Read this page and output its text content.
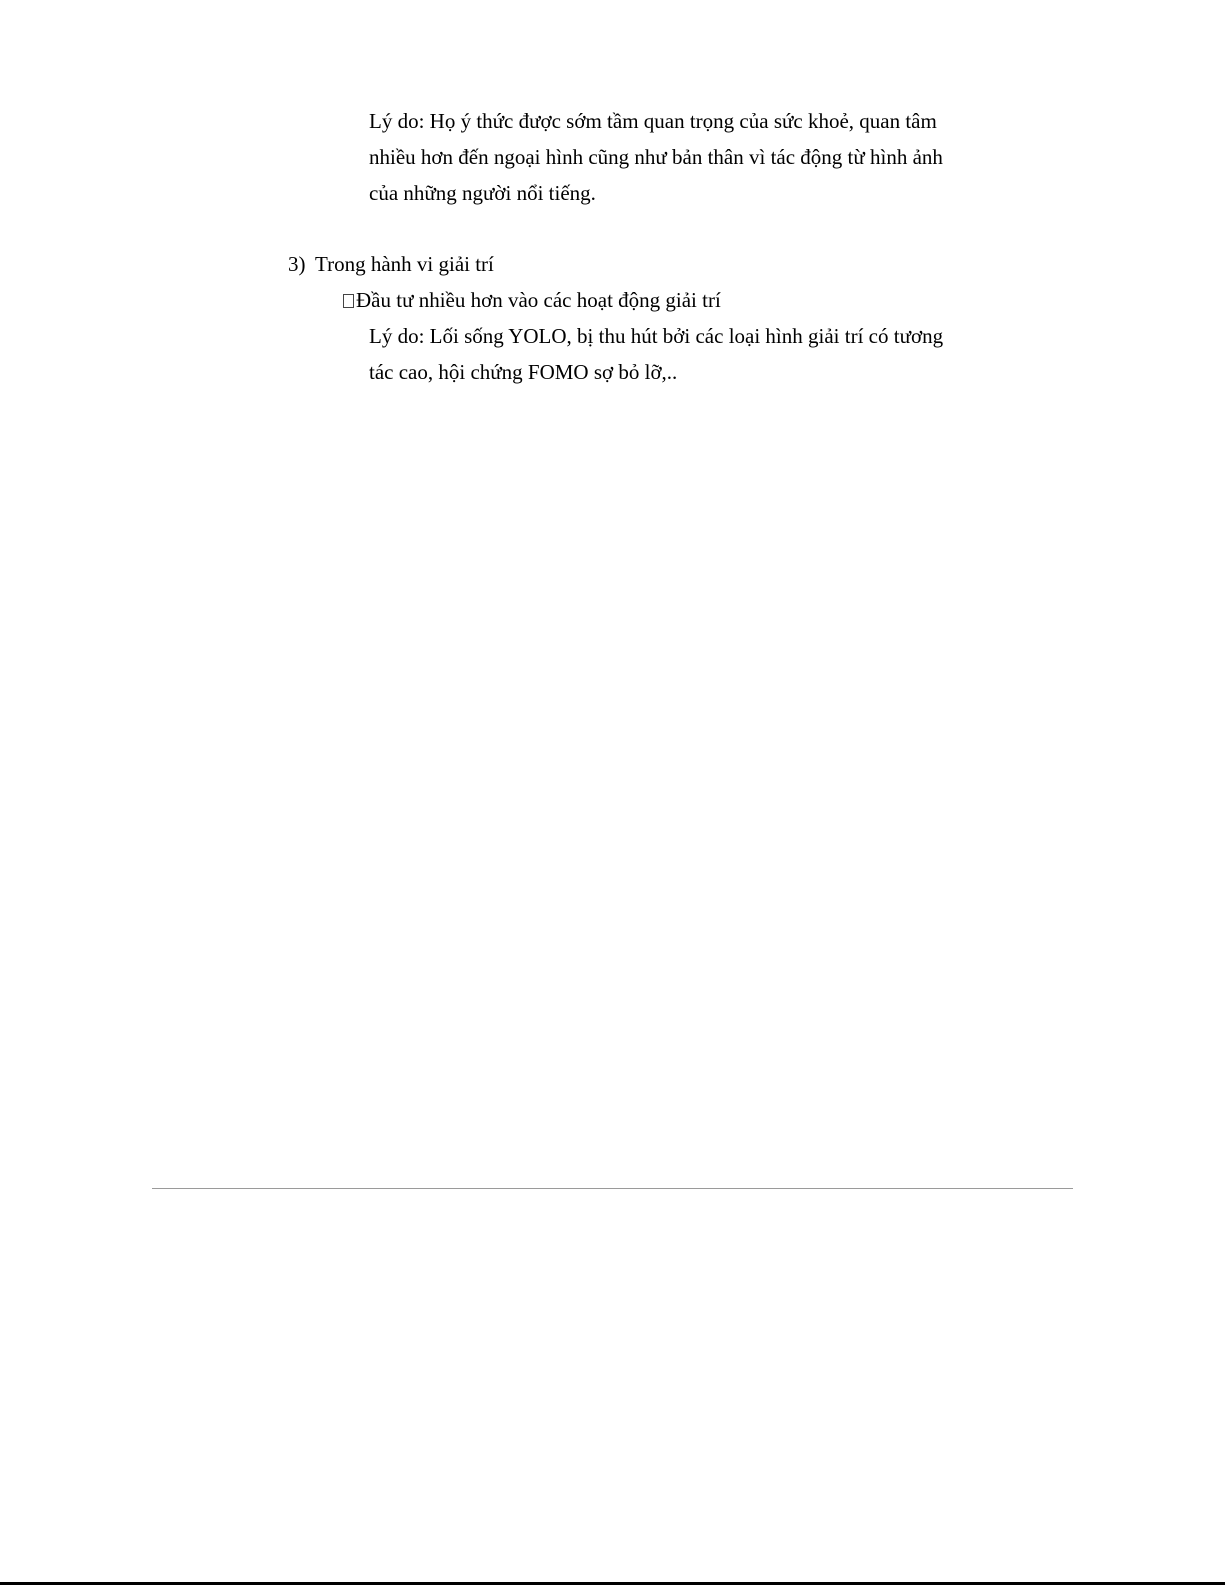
Lý do: Họ ý thức được sớm tầm quan trọng của sức khoẻ, quan tâm

nhiều hơn đến ngoại hình cũng như bản thân vì tác động từ hình ảnh

của những người nổi tiếng.

3) Trong hành vi giải trí

Đầu tư nhiều hơn vào các hoạt động giải trí

Lý do: Lối sống YOLO, bị thu hút bởi các loại hình giải trí có tương

tác cao, hội chứng FOMO sợ bỏ lỡ,..
